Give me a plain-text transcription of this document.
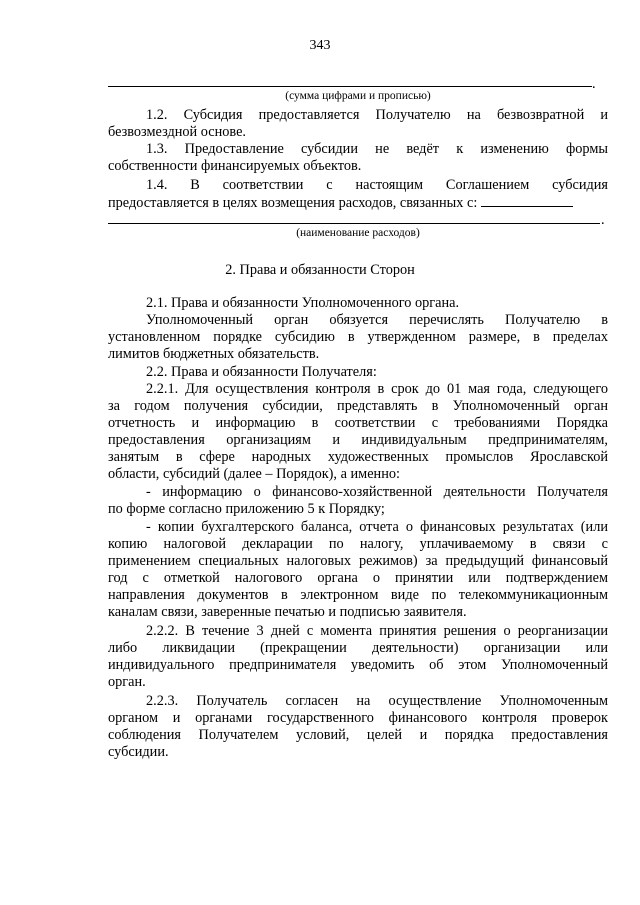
343
.
(сумма цифрами и прописью)
1.2. Субсидия предоставляется Получателю на безвозвратной и
безвозмездной основе.
1.3. Предоставление субсидии не ведёт к изменению формы
собственности финансируемых объектов.
1.4. В соответствии с настоящим Соглашением субсидия
предоставляется в целях возмещения расходов, связанных с:
.
(наименование расходов)
2. Права и обязанности Сторон
2.1. Права и обязанности Уполномоченного органа.
Уполномоченный орган обязуется перечислять Получателю в
установленном порядке субсидию в утвержденном размере, в пределах
лимитов бюджетных обязательств.
2.2. Права и обязанности Получателя:
2.2.1. Для осуществления контроля в срок до 01 мая года, следующего
за годом получения субсидии, представлять в Уполномоченный орган
отчетность и информацию в соответствии с требованиями Порядка
предоставления организациям и индивидуальным предпринимателям,
занятым в сфере народных художественных промыслов Ярославской
области, субсидий (далее – Порядок), а именно:
- информацию о финансово-хозяйственной деятельности Получателя
по форме согласно приложению 5 к Порядку;
- копии бухгалтерского баланса, отчета о финансовых результатах (или
копию налоговой декларации по налогу, уплачиваемому в связи с
применением специальных налоговых режимов) за предыдущий финансовый
год с отметкой налогового органа о принятии или подтверждением
направления документов в электронном виде по телекоммуникационным
каналам связи, заверенные печатью и подписью заявителя.
2.2.2. В течение 3 дней с момента принятия решения о реорганизации
либо ликвидации (прекращении деятельности) организации или
индивидуального предпринимателя уведомить об этом Уполномоченный
орган.
2.2.3. Получатель согласен на осуществление Уполномоченным
органом и органами государственного финансового контроля проверок
соблюдения Получателем условий, целей и порядка предоставления
субсидии.
